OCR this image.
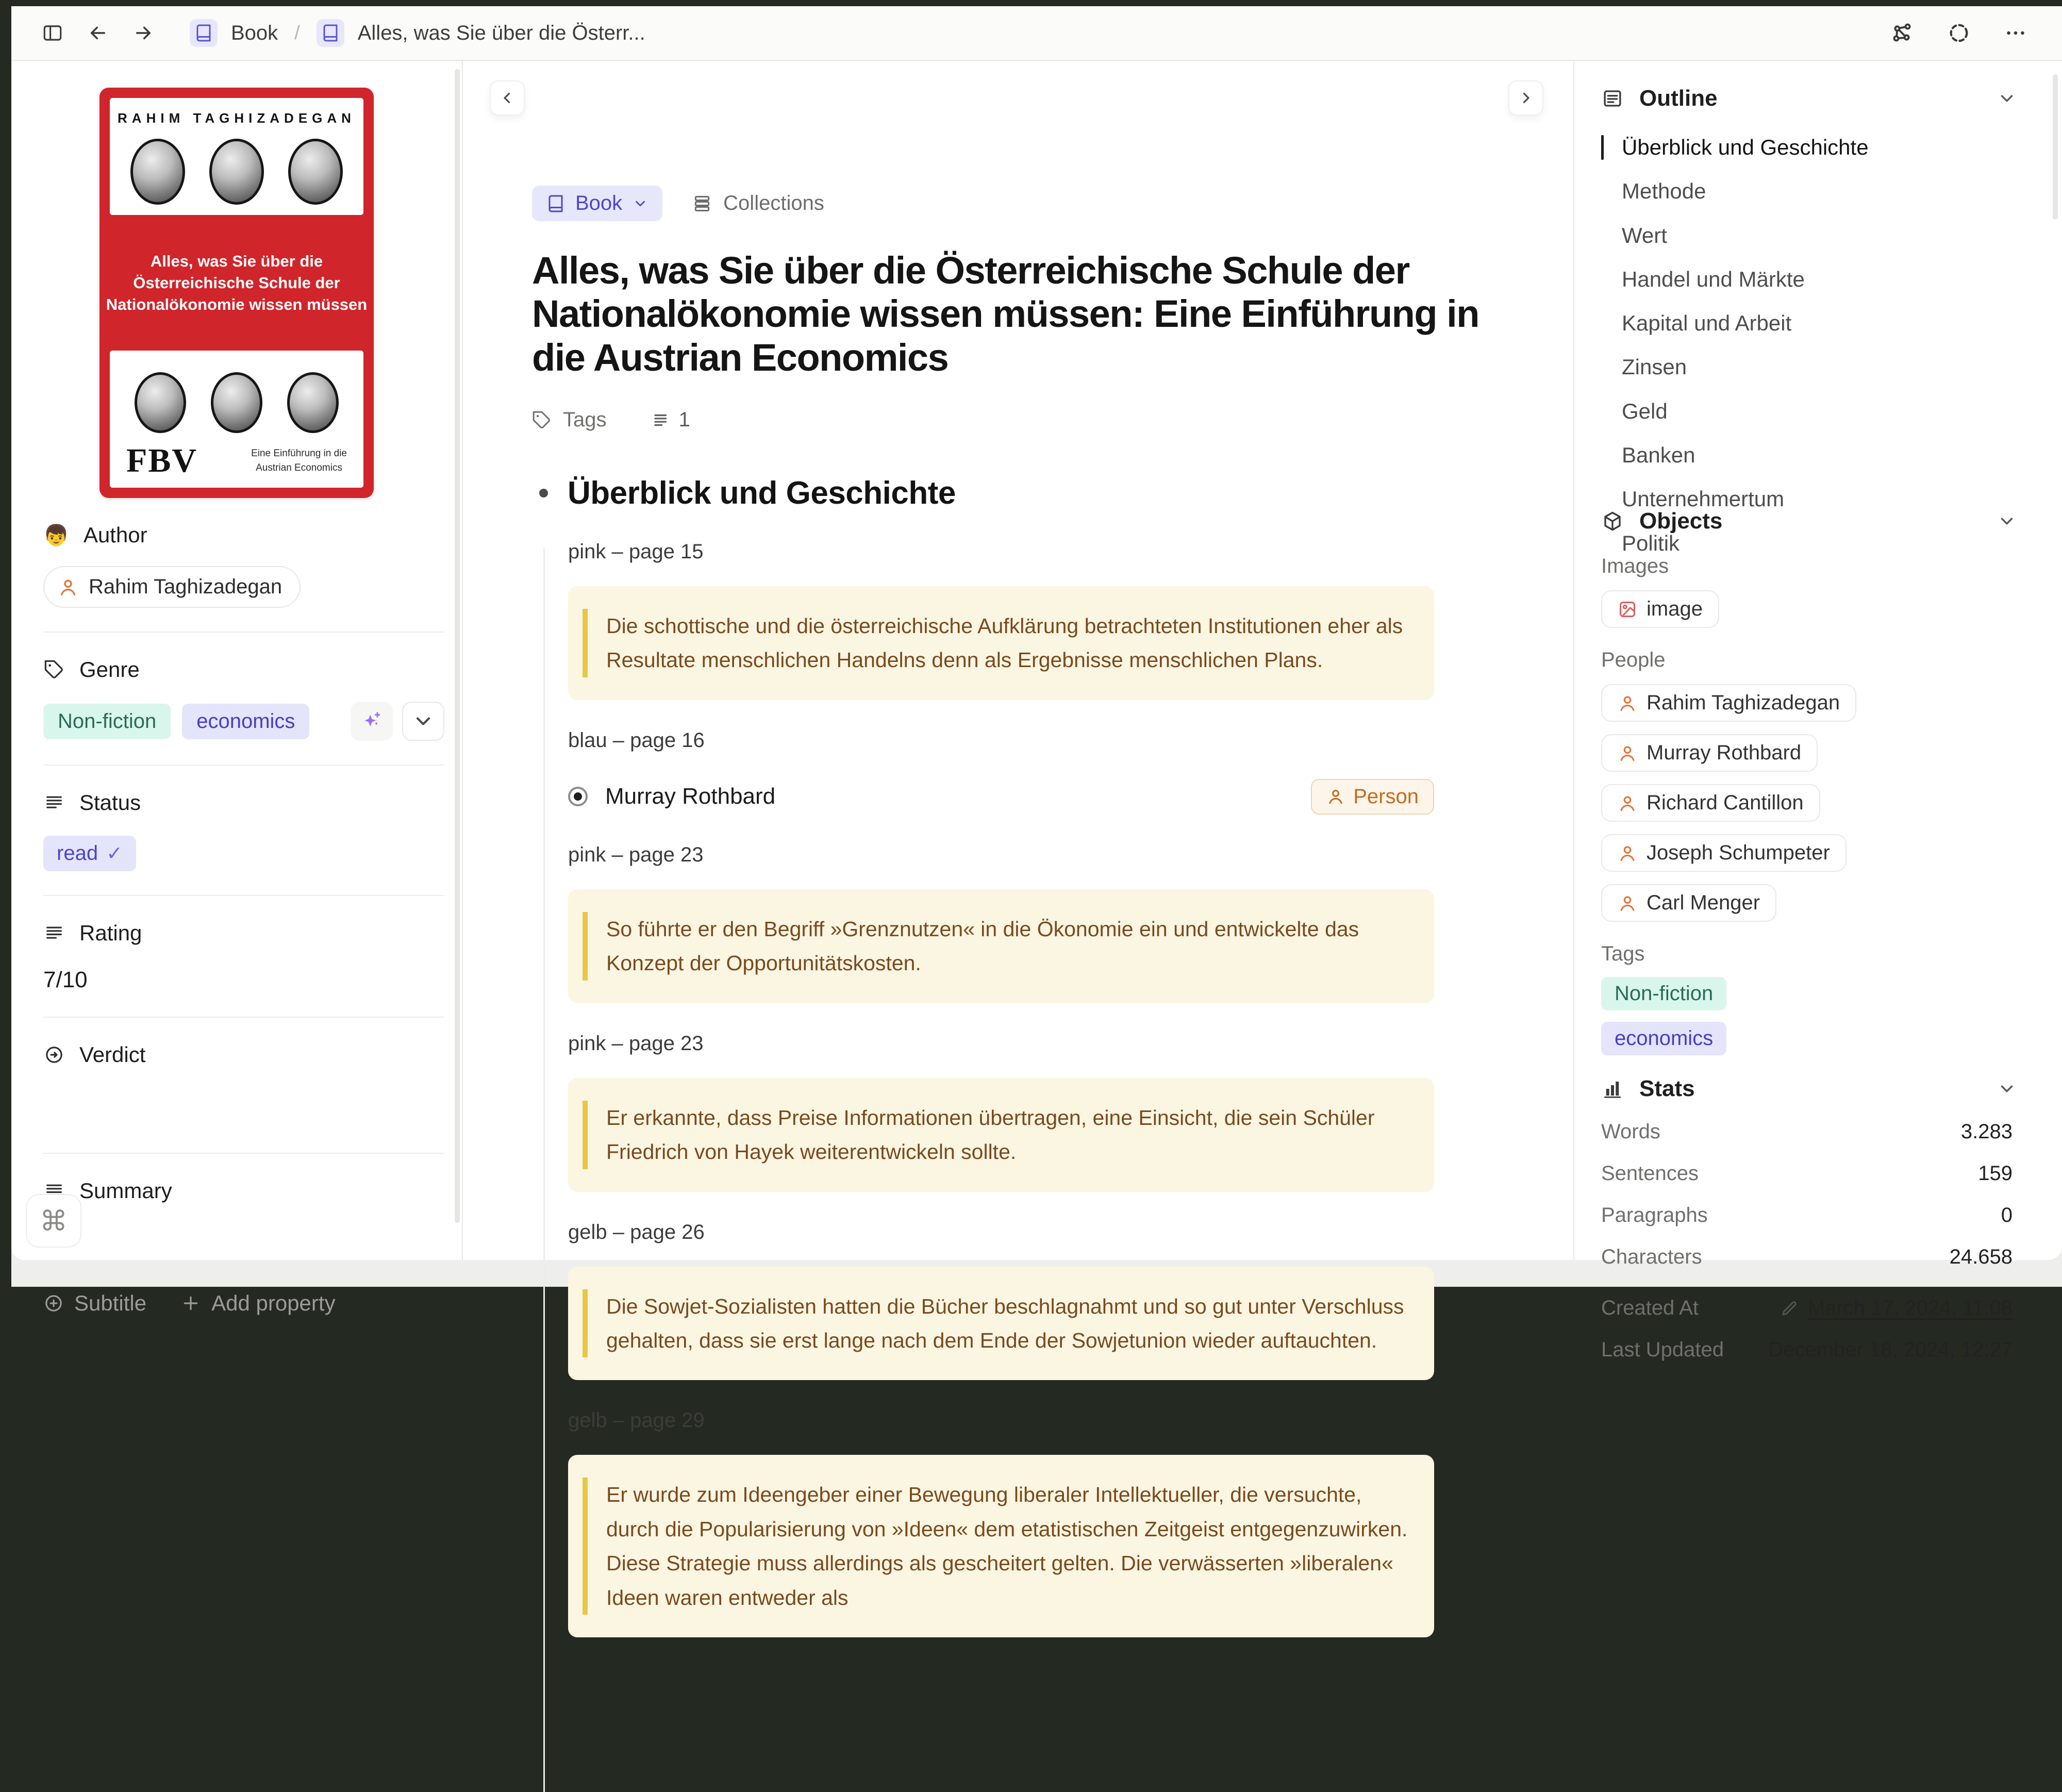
Book /	Alles, was Sie über die Österr...
RAHIM TAGHIZADEGAN
Alles, was Sie über die
Österreichische Schule der
Nationalökonomie wissen müssen
FBV	Eine Einführung in die
Austrian Economics
👦 Author
Rahim Taghizadegan
Genre
Non-fiction	economics
Status
read ✓
Rating
7/10
Verdict
Summary
Subtitle	Add property
⌘
Book	Collections
Alles, was Sie über die Österreichische Schule der Nationalökonomie wissen müssen: Eine Einführung in die Austrian Economics
Tags	1
Überblick und Geschichte
pink – page 15
Die schottische und die österreichische Aufklärung betrachteten Institutionen eher als Resultate menschlichen Handelns denn als Ergebnisse menschlichen Plans.
blau – page 16
Murray Rothbard	Person
pink – page 23
So führte er den Begriff »Grenznutzen« in die Ökonomie ein und entwickelte das Konzept der Opportunitätskosten.
pink – page 23
Er erkannte, dass Preise Informationen übertragen, eine Einsicht, die sein Schüler Friedrich von Hayek weiterentwickeln sollte.
gelb – page 26
Die Sowjet-Sozialisten hatten die Bücher beschlagnahmt und so gut unter Verschluss gehalten, dass sie erst lange nach dem Ende der Sowjetunion wieder auftauchten.
gelb – page 29
Er wurde zum Ideengeber einer Bewegung liberaler Intellektueller, die versuchte, durch die Popularisierung von »Ideen« dem etatistischen Zeitgeist entgegenzuwirken. Diese Strategie muss allerdings als gescheitert gelten. Die verwässerten »liberalen« Ideen waren entweder als
Outline
Überblick und Geschichte
Methode
Wert
Handel und Märkte
Kapital und Arbeit
Zinsen
Geld
Banken
Unternehmertum
Politik
Objects
Images
image
People
Rahim Taghizadegan
Murray Rothbard
Richard Cantillon
Joseph Schumpeter
Carl Menger
Tags
Non-fiction
economics
Stats
Words	3.283
Sentences	159
Paragraphs	0
Characters	24.658
Created At	March 17, 2024, 11:08
Last Updated December 18, 2024, 12:27
